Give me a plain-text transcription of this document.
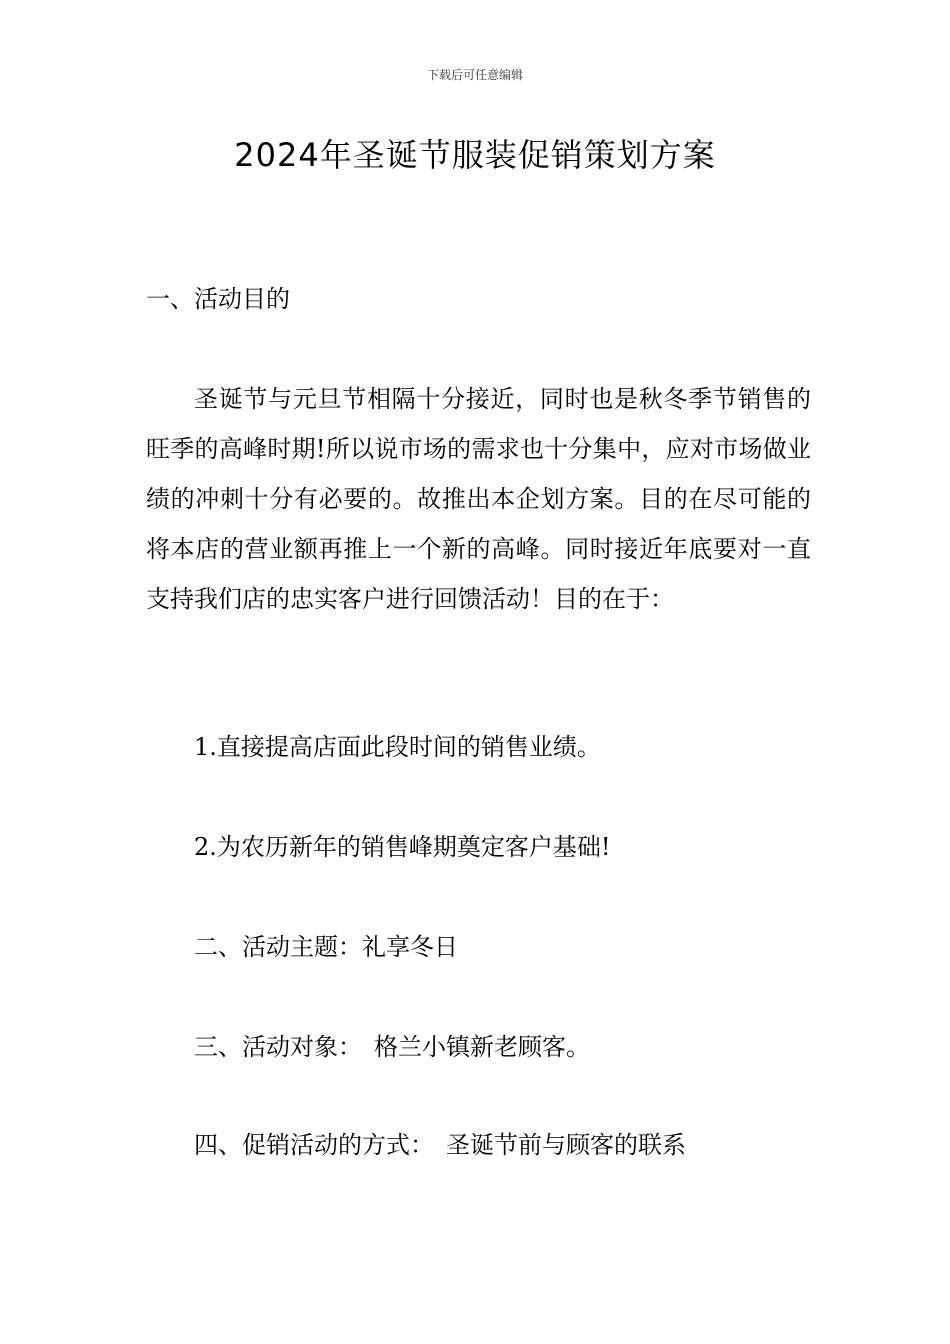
下载后可任意编辑
2024年圣诞节服装促销策划方案

一、活动目的

圣诞节与元旦节相隔十分接近，同时也是秋冬季节销售的旺季的高峰时期!所以说市场的需求也十分集中，应对市场做业绩的冲刺十分有必要的。故推出本企划方案。目的在尽可能的将本店的营业额再推上一个新的高峰。同时接近年底要对一直支持我们店的忠实客户进行回馈活动！目的在于：

1.直接提高店面此段时间的销售业绩。

2.为农历新年的销售峰期奠定客户基础!

二、活动主题：礼享冬日

三、活动对象：　格兰小镇新老顾客。

四、促销活动的方式：　圣诞节前与顾客的联系
